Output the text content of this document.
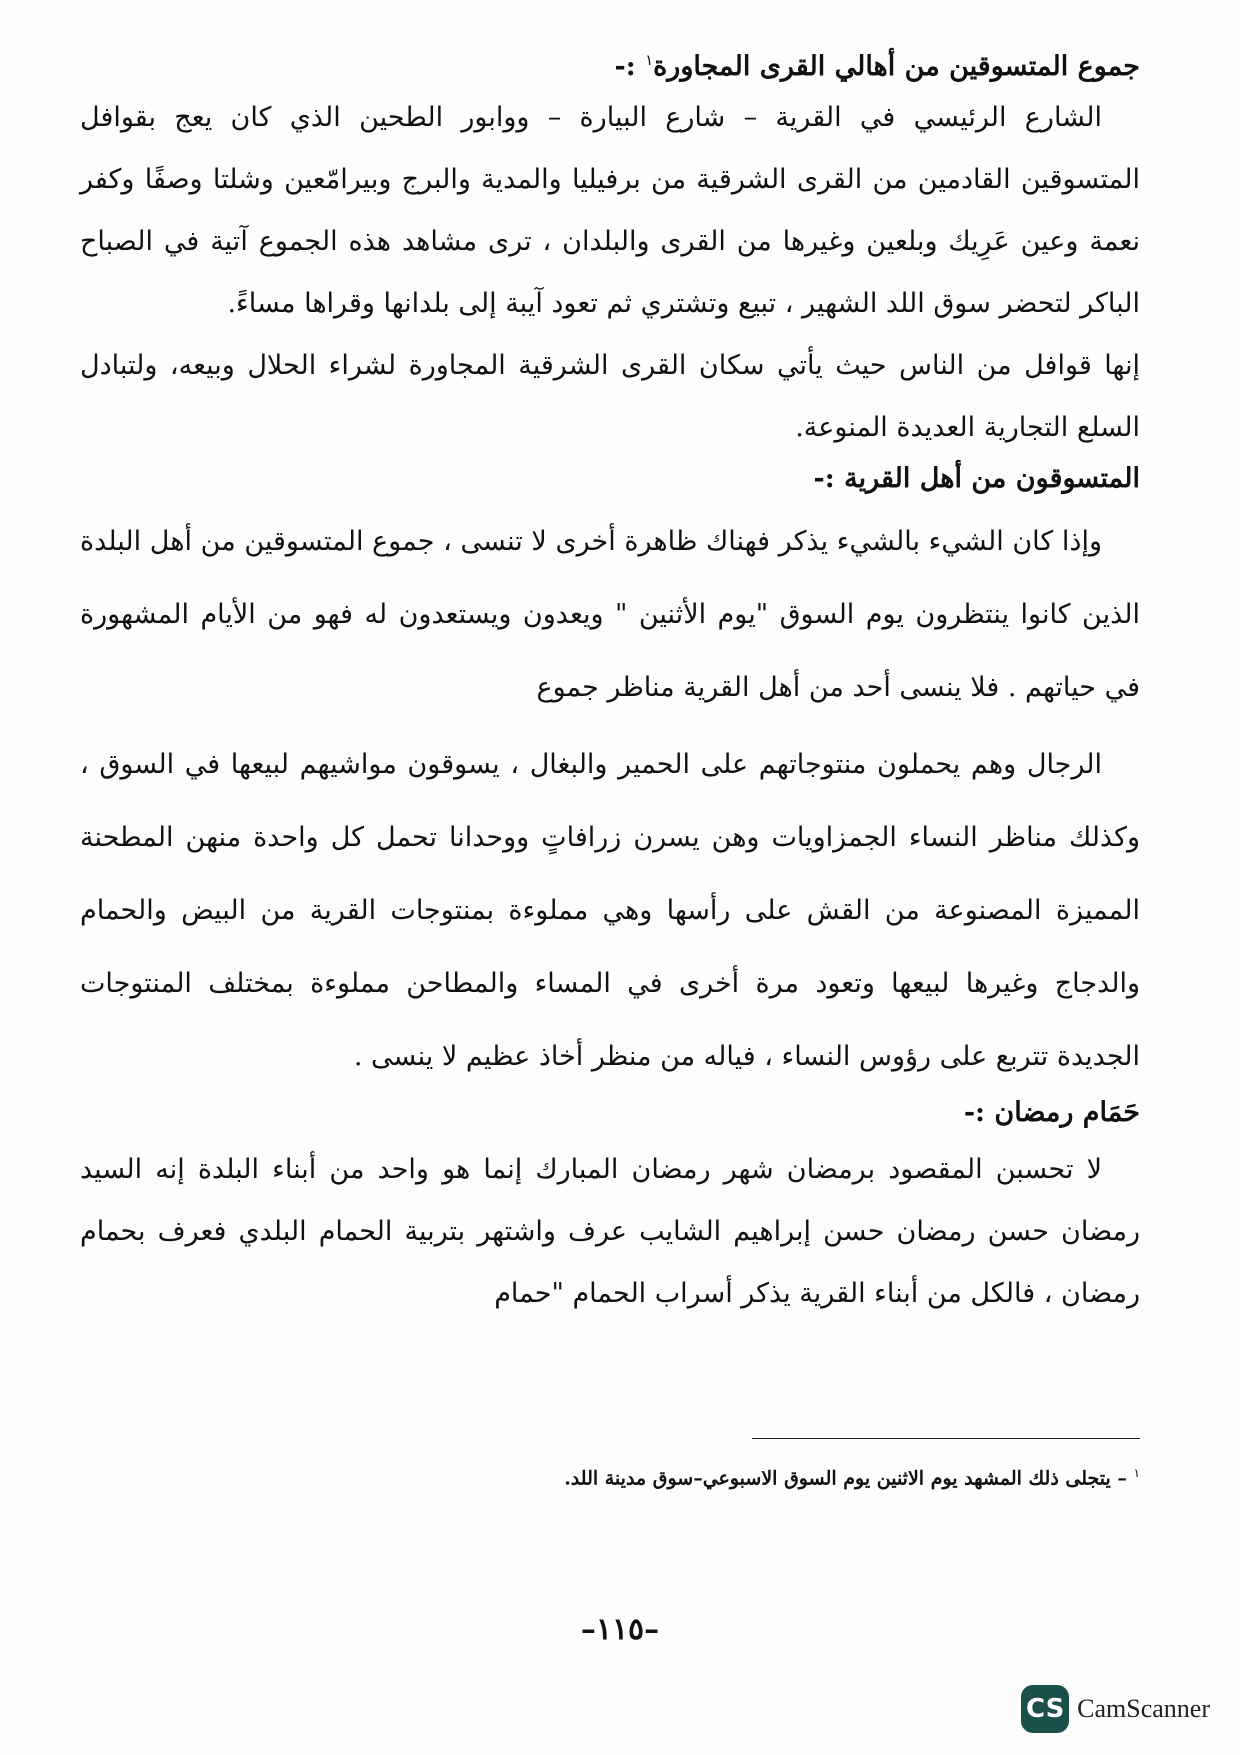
جموع المتسوقين من أهالي القرى المجاورة$^١$ :-

الشارع الرئيسي في القرية – شارع البيارة – ووابور الطحين الذي كان يعج بقوافل المتسوقين القادمين من القرى الشرقية من برفيليا والمدية والبرج وبيرامّعين وشلتا وصفًا وكفر نعمة وعين عَرِيك وبلعين وغيرها من القرى والبلدان ، ترى مشاهد هذه الجموع آتية في الصباح الباكر لتحضر سوق اللد الشهير ، تبيع وتشتري ثم تعود آيبة إلى بلدانها وقراها مساءً.

إنها قوافل من الناس حيث يأتي سكان القرى الشرقية المجاورة لشراء الحلال وبيعه، ولتبادل السلع التجارية العديدة المنوعة.

المتسوقون من أهل القرية :-

وإذا كان الشيء بالشيء يذكر فهناك ظاهرة أخرى لا تنسى ، جموع المتسوقين من أهل البلدة الذين كانوا ينتظرون يوم السوق "يوم الأثنين " ويعدون ويستعدون له فهو من الأيام المشهورة في حياتهم . فلا ينسى أحد من أهل القرية مناظر جموع

الرجال وهم يحملون منتوجاتهم على الحمير والبغال ، يسوقون مواشيهم لبيعها في السوق ، وكذلك مناظر النساء الجمزاويات وهن يسرن زرافاتٍ ووحدانا تحمل كل واحدة منهن المطحنة المميزة المصنوعة من القش على رأسها وهي مملوءة بمنتوجات القرية من البيض والحمام والدجاج وغيرها لبيعها وتعود مرة أخرى في المساء والمطاحن مملوءة بمختلف المنتوجات الجديدة تتربع على رؤوس النساء ، فياله من منظر أخاذ عظيم لا ينسى .

حَمَام رمضان :-

لا تحسبن المقصود برمضان شهر رمضان المبارك إنما هو واحد من أبناء البلدة إنه السيد رمضان حسن رمضان حسن إبراهيم الشايب عرف واشتهر بتربية الحمام البلدي فعرف بحمام رمضان ، فالكل من أبناء القرية يذكر أسراب الحمام "حمام

$^١$ – يتجلى ذلك المشهد يوم الاثنين يوم السوق الاسبوعي–سوق مدينة اللد.
–١١٥–
CS CamScanner
